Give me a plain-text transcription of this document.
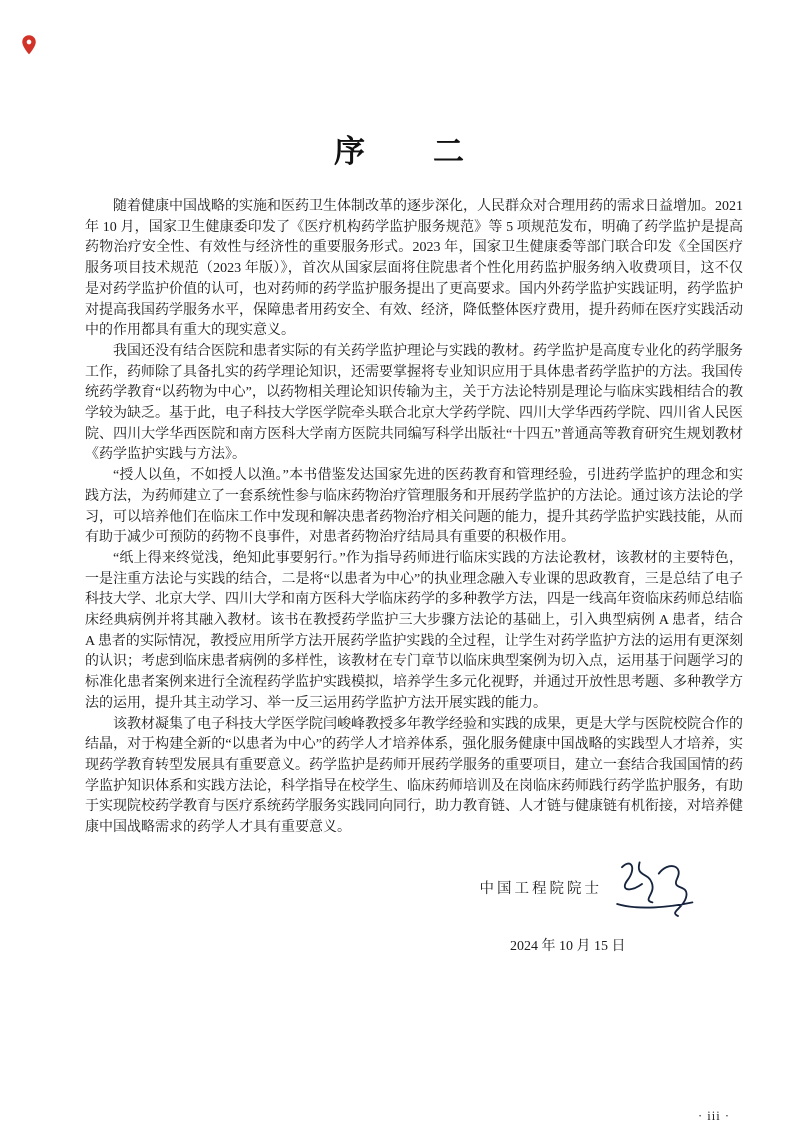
序　　二

随着健康中国战略的实施和医药卫生体制改革的逐步深化，人民群众对合理用药的需求日益增加。2021 年 10 月，国家卫生健康委印发了《医疗机构药学监护服务规范》等 5 项规范发布，明确了药学监护是提高药物治疗安全性、有效性与经济性的重要服务形式。2023 年，国家卫生健康委等部门联合印发《全国医疗服务项目技术规范（2023 年版）》，首次从国家层面将住院患者个性化用药监护服务纳入收费项目，这不仅是对药学监护价值的认可，也对药师的药学监护服务提出了更高要求。国内外药学监护实践证明，药学监护对提高我国药学服务水平，保障患者用药安全、有效、经济，降低整体医疗费用，提升药师在医疗实践活动中的作用都具有重大的现实意义。

我国还没有结合医院和患者实际的有关药学监护理论与实践的教材。药学监护是高度专业化的药学服务工作，药师除了具备扎实的药学理论知识，还需要掌握将专业知识应用于具体患者药学监护的方法。我国传统药学教育“以药物为中心”，以药物相关理论知识传输为主，关于方法论特别是理论与临床实践相结合的教学较为缺乏。基于此，电子科技大学医学院牵头联合北京大学药学院、四川大学华西药学院、四川省人民医院、四川大学华西医院和南方医科大学南方医院共同编写科学出版社“十四五”普通高等教育研究生规划教材《药学监护实践与方法》。

“授人以鱼，不如授人以渔。”本书借鉴发达国家先进的医药教育和管理经验，引进药学监护的理念和实践方法，为药师建立了一套系统性参与临床药物治疗管理服务和开展药学监护的方法论。通过该方法论的学习，可以培养他们在临床工作中发现和解决患者药物治疗相关问题的能力，提升其药学监护实践技能，从而有助于减少可预防的药物不良事件，对患者药物治疗结局具有重要的积极作用。

“纸上得来终觉浅，绝知此事要躬行。”作为指导药师进行临床实践的方法论教材，该教材的主要特色，一是注重方法论与实践的结合，二是将“以患者为中心”的执业理念融入专业课的思政教育，三是总结了电子科技大学、北京大学、四川大学和南方医科大学临床药学的多种教学方法，四是一线高年资临床药师总结临床经典病例并将其融入教材。该书在教授药学监护三大步骤方法论的基础上，引入典型病例 A 患者，结合 A 患者的实际情况，教授应用所学方法开展药学监护实践的全过程，让学生对药学监护方法的运用有更深刻的认识；考虑到临床患者病例的多样性，该教材在专门章节以临床典型案例为切入点，运用基于问题学习的标准化患者案例来进行全流程药学监护实践模拟，培养学生多元化视野，并通过开放性思考题、多种教学方法的运用，提升其主动学习、举一反三运用药学监护方法开展实践的能力。

该教材凝集了电子科技大学医学院闫峻峰教授多年教学经验和实践的成果，更是大学与医院校院合作的结晶，对于构建全新的“以患者为中心”的药学人才培养体系，强化服务健康中国战略的实践型人才培养，实现药学教育转型发展具有重要意义。药学监护是药师开展药学服务的重要项目，建立一套结合我国国情的药学监护知识体系和实践方法论，科学指导在校学生、临床药师培训及在岗临床药师践行药学监护服务，有助于实现院校药学教育与医疗系统药学服务实践同向同行，助力教育链、人才链与健康链有机衔接，对培养健康中国战略需求的药学人才具有重要意义。

中国工程院院士
2024 年 10 月 15 日
· iii ·
